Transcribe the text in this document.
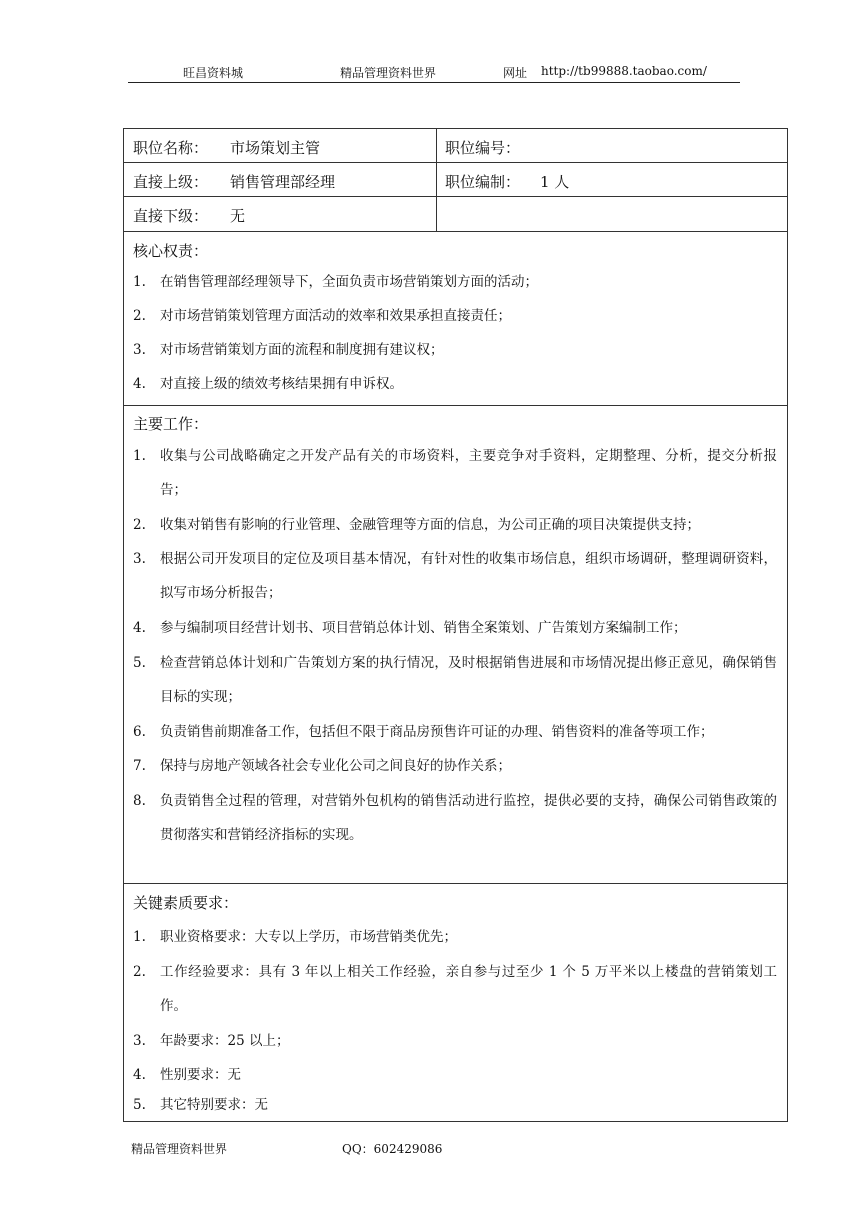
旺昌资料城	精品管理资料世界	网址 http://tb99888.taobao.com/
职位名称： 市场策划主管	职位编号：
直接上级： 销售管理部经理	职位编制： 1 人
直接下级： 无
核心权责：
1. 在销售管理部经理领导下，全面负责市场营销策划方面的活动；
2. 对市场营销策划管理方面活动的效率和效果承担直接责任；
3. 对市场营销策划方面的流程和制度拥有建议权；
4. 对直接上级的绩效考核结果拥有申诉权。
主要工作：
1. 收集与公司战略确定之开发产品有关的市场资料，主要竞争对手资料，定期整理、分析，提交分析报告；
2. 收集对销售有影响的行业管理、金融管理等方面的信息，为公司正确的项目决策提供支持；
3. 根据公司开发项目的定位及项目基本情况，有针对性的收集市场信息，组织市场调研，整理调研资料，拟写市场分析报告；
4. 参与编制项目经营计划书、项目营销总体计划、销售全案策划、广告策划方案编制工作；
5. 检查营销总体计划和广告策划方案的执行情况，及时根据销售进展和市场情况提出修正意见，确保销售目标的实现；
6. 负责销售前期准备工作，包括但不限于商品房预售许可证的办理、销售资料的准备等项工作；
7. 保持与房地产领域各社会专业化公司之间良好的协作关系；
8. 负责销售全过程的管理，对营销外包机构的销售活动进行监控，提供必要的支持，确保公司销售政策的贯彻落实和营销经济指标的实现。
关键素质要求：
1. 职业资格要求：大专以上学历，市场营销类优先；
2. 工作经验要求：具有 3 年以上相关工作经验，亲自参与过至少 1 个 5 万平米以上楼盘的营销策划工作。
3. 年龄要求：25 以上；
4. 性别要求：无
5. 其它特别要求：无
精品管理资料世界	QQ：602429086
